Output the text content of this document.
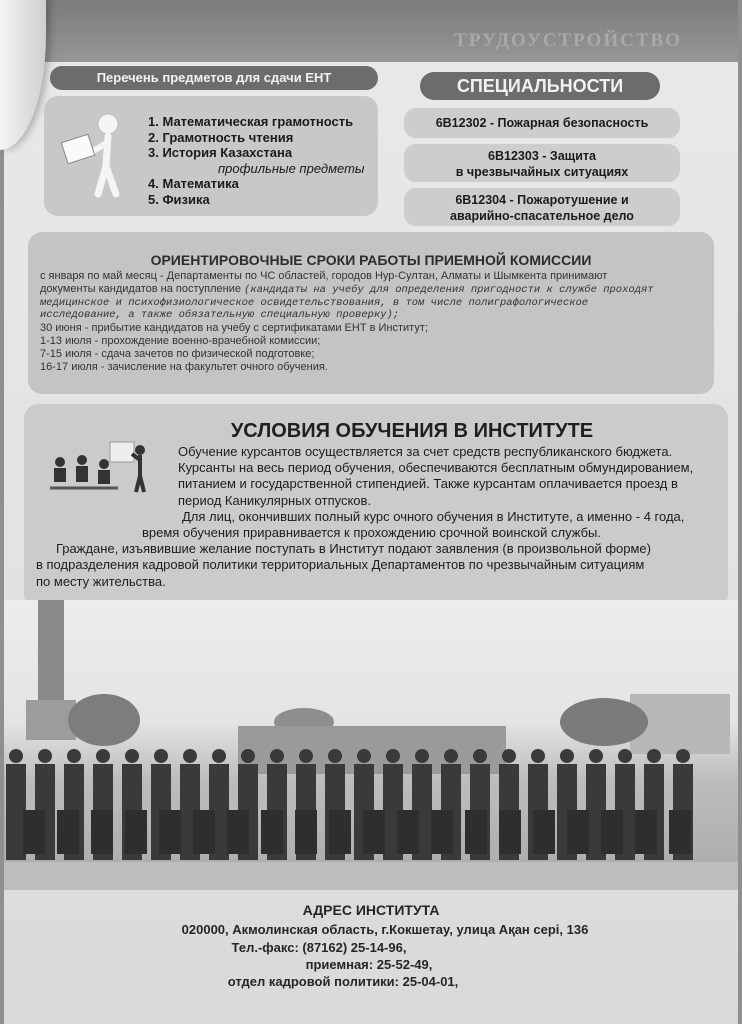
ТРУДОУСТРОЙСТВО
Перечень предметов для сдачи ЕНТ
1. Математическая грамотность
2. Грамотность чтения
3. История Казахстана
профильные предметы
4. Математика
5. Физика
СПЕЦИАЛЬНОСТИ
6B12302 - Пожарная безопасность
6B12303 - Защита
в чрезвычайных ситуациях
6B12304 - Пожаротушение и
аварийно-спасательное дело
ОРИЕНТИРОВОЧНЫЕ СРОКИ РАБОТЫ ПРИЕМНОЙ КОМИССИИ
с января по май месяц - Департаменты по ЧС областей, городов Нур-Султан, Алматы и Шымкента принимают
документы кандидатов на поступление (кандидаты на учебу для определения пригодности к службе проходят
медицинское и психофизиологическое освидетельствования, в том числе полиграфологическое
исследование, а также обязательную специальную проверку);
30 июня - прибытие кандидатов на учебу с сертификатами ЕНТ в Институт;
1-13 июля - прохождение военно-врачебной комиссии;
7-15 июля - сдача зачетов по физической подготовке;
16-17 июля - зачисление на факультет очного обучения.
УСЛОВИЯ ОБУЧЕНИЯ В ИНСТИТУТЕ
Обучение курсантов осуществляется за счет средств республиканского бюджета.
Курсанты на весь период обучения, обеспечиваются бесплатным обмундированием,
питанием и государственной стипендией. Также курсантам оплачивается проезд в
период Каникулярных отпусков.
Для лиц, окончивших полный курс очного обучения в Институте, а именно - 4 года,
время обучения приравнивается к прохождению срочной воинской службы.
Граждане, изъявившие желание поступать в Институт подают заявления (в произвольной форме)
в подразделения кадровой политики территориальных Департаментов по чрезвычайным ситуациям
по месту жительства.
АДРЕС ИНСТИТУТА
020000, Акмолинская область, г.Кокшетау, улица Ақан серi, 136
Тел.-факс: (87162) 25-14-96,
приемная: 25-52-49,
отдел кадровой политики: 25-04-01,
